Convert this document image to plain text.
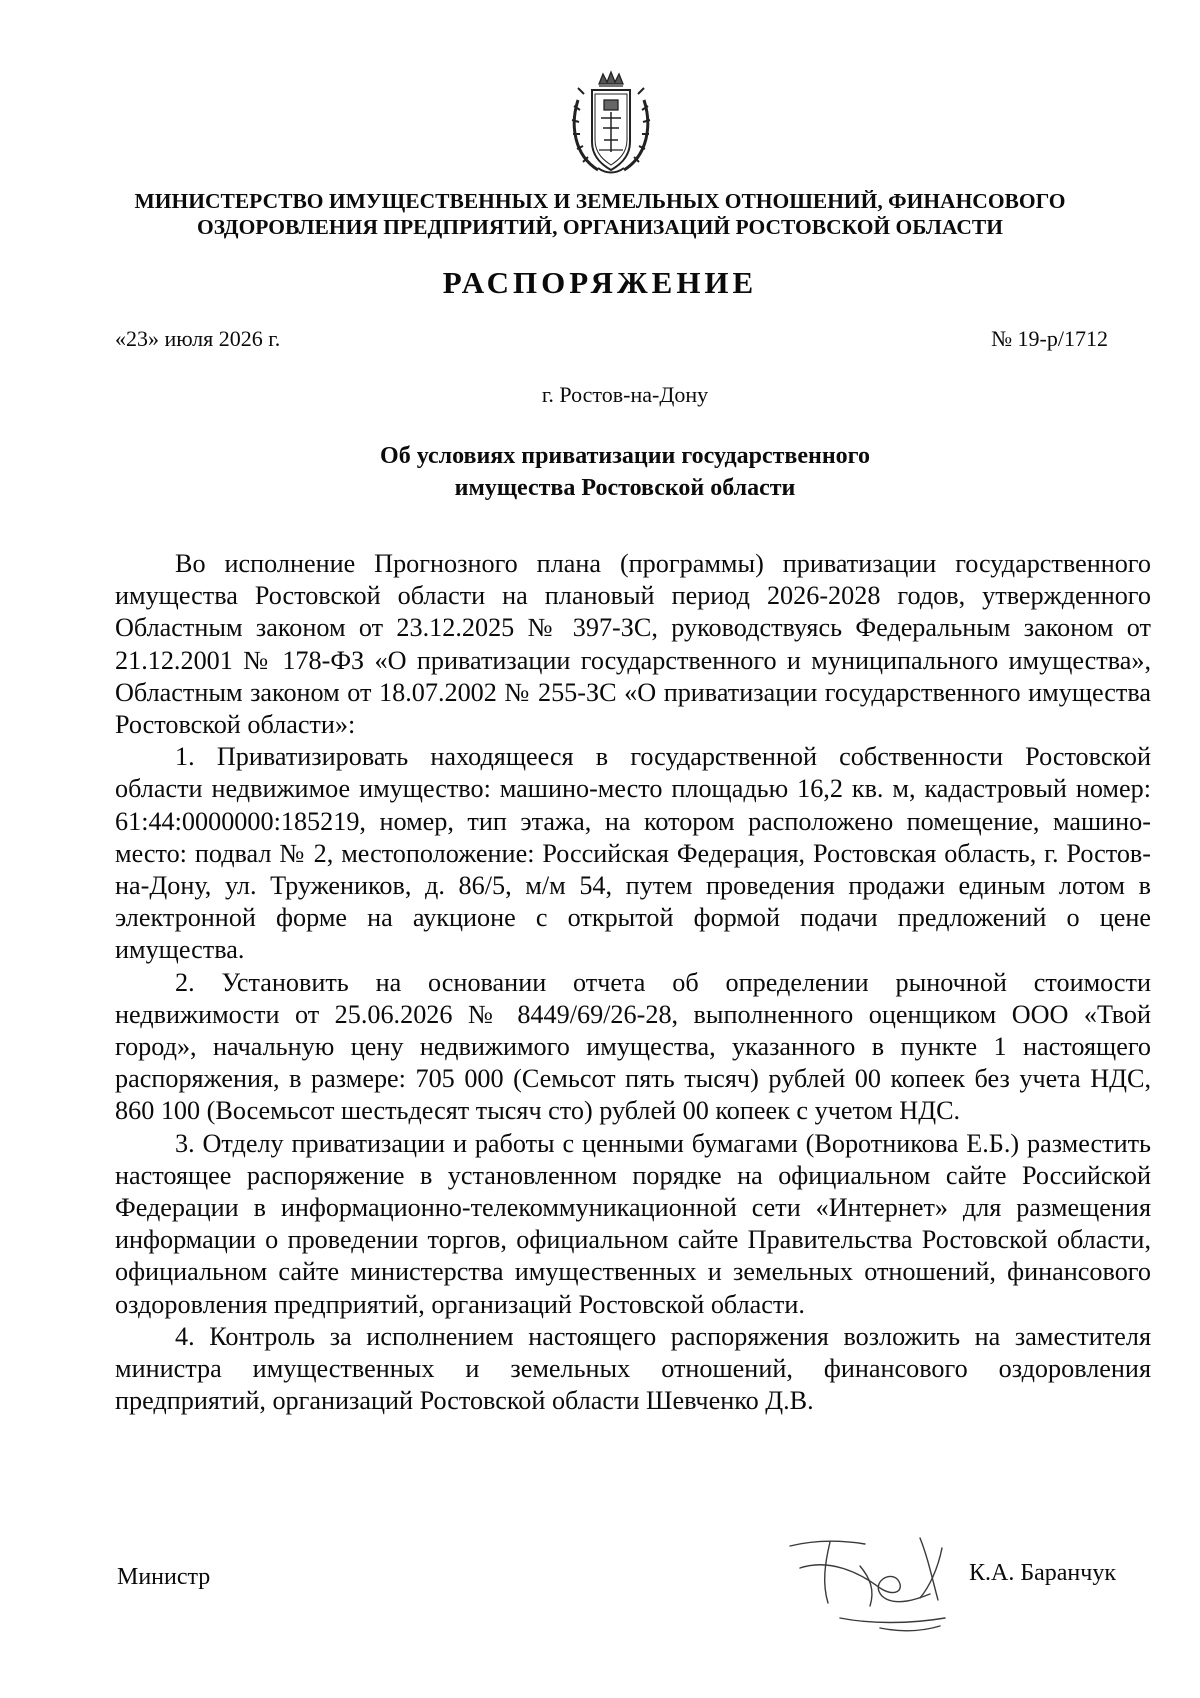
МИНИСТЕРСТВО ИМУЩЕСТВЕННЫХ И ЗЕМЕЛЬНЫХ ОТНОШЕНИЙ, ФИНАНСОВОГО
ОЗДОРОВЛЕНИЯ ПРЕДПРИЯТИЙ, ОРГАНИЗАЦИЙ РОСТОВСКОЙ ОБЛАСТИ
РАСПОРЯЖЕНИЕ
«23» июля 2026 г.	№ 19-р/1712
г. Ростов-на-Дону
Об условиях приватизации государственного
имущества Ростовской области

Во исполнение Прогнозного плана (программы) приватизации государственного имущества Ростовской области на плановый период 2026-2028 годов, утвержденного Областным законом от 23.12.2025 № 397-ЗС, руководствуясь Федеральным законом от 21.12.2001 № 178-ФЗ «О приватизации государственного и муниципального имущества», Областным законом от 18.07.2002 № 255-ЗС «О приватизации государственного имущества Ростовской области»:

1. Приватизировать находящееся в государственной собственности Ростовской области недвижимое имущество: машино-место площадью 16,2 кв. м, кадастровый номер: 61:44:0000000:185219, номер, тип этажа, на котором расположено помещение, машино-место: подвал № 2, местоположение: Российская Федерация, Ростовская область, г. Ростов-на-Дону, ул. Тружеников, д. 86/5, м/м 54, путем проведения продажи единым лотом в электронной форме на аукционе с открытой формой подачи предложений о цене имущества.

2. Установить на основании отчета об определении рыночной стоимости недвижимости от 25.06.2026 № 8449/69/26-28, выполненного оценщиком ООО «Твой город», начальную цену недвижимого имущества, указанного в пункте 1 настоящего распоряжения, в размере: 705 000 (Семьсот пять тысяч) рублей 00 копеек без учета НДС, 860 100 (Восемьсот шестьдесят тысяч сто) рублей 00 копеек с учетом НДС.

3. Отделу приватизации и работы с ценными бумагами (Воротникова Е.Б.) разместить настоящее распоряжение в установленном порядке на официальном сайте Российской Федерации в информационно-телекоммуникационной сети «Интернет» для размещения информации о проведении торгов, официальном сайте Правительства Ростовской области, официальном сайте министерства имущественных и земельных отношений, финансового оздоровления предприятий, организаций Ростовской области.

4. Контроль за исполнением настоящего распоряжения возложить на заместителя министра имущественных и земельных отношений, финансового оздоровления предприятий, организаций Ростовской области Шевченко Д.В.

Министр	К.А. Баранчук
